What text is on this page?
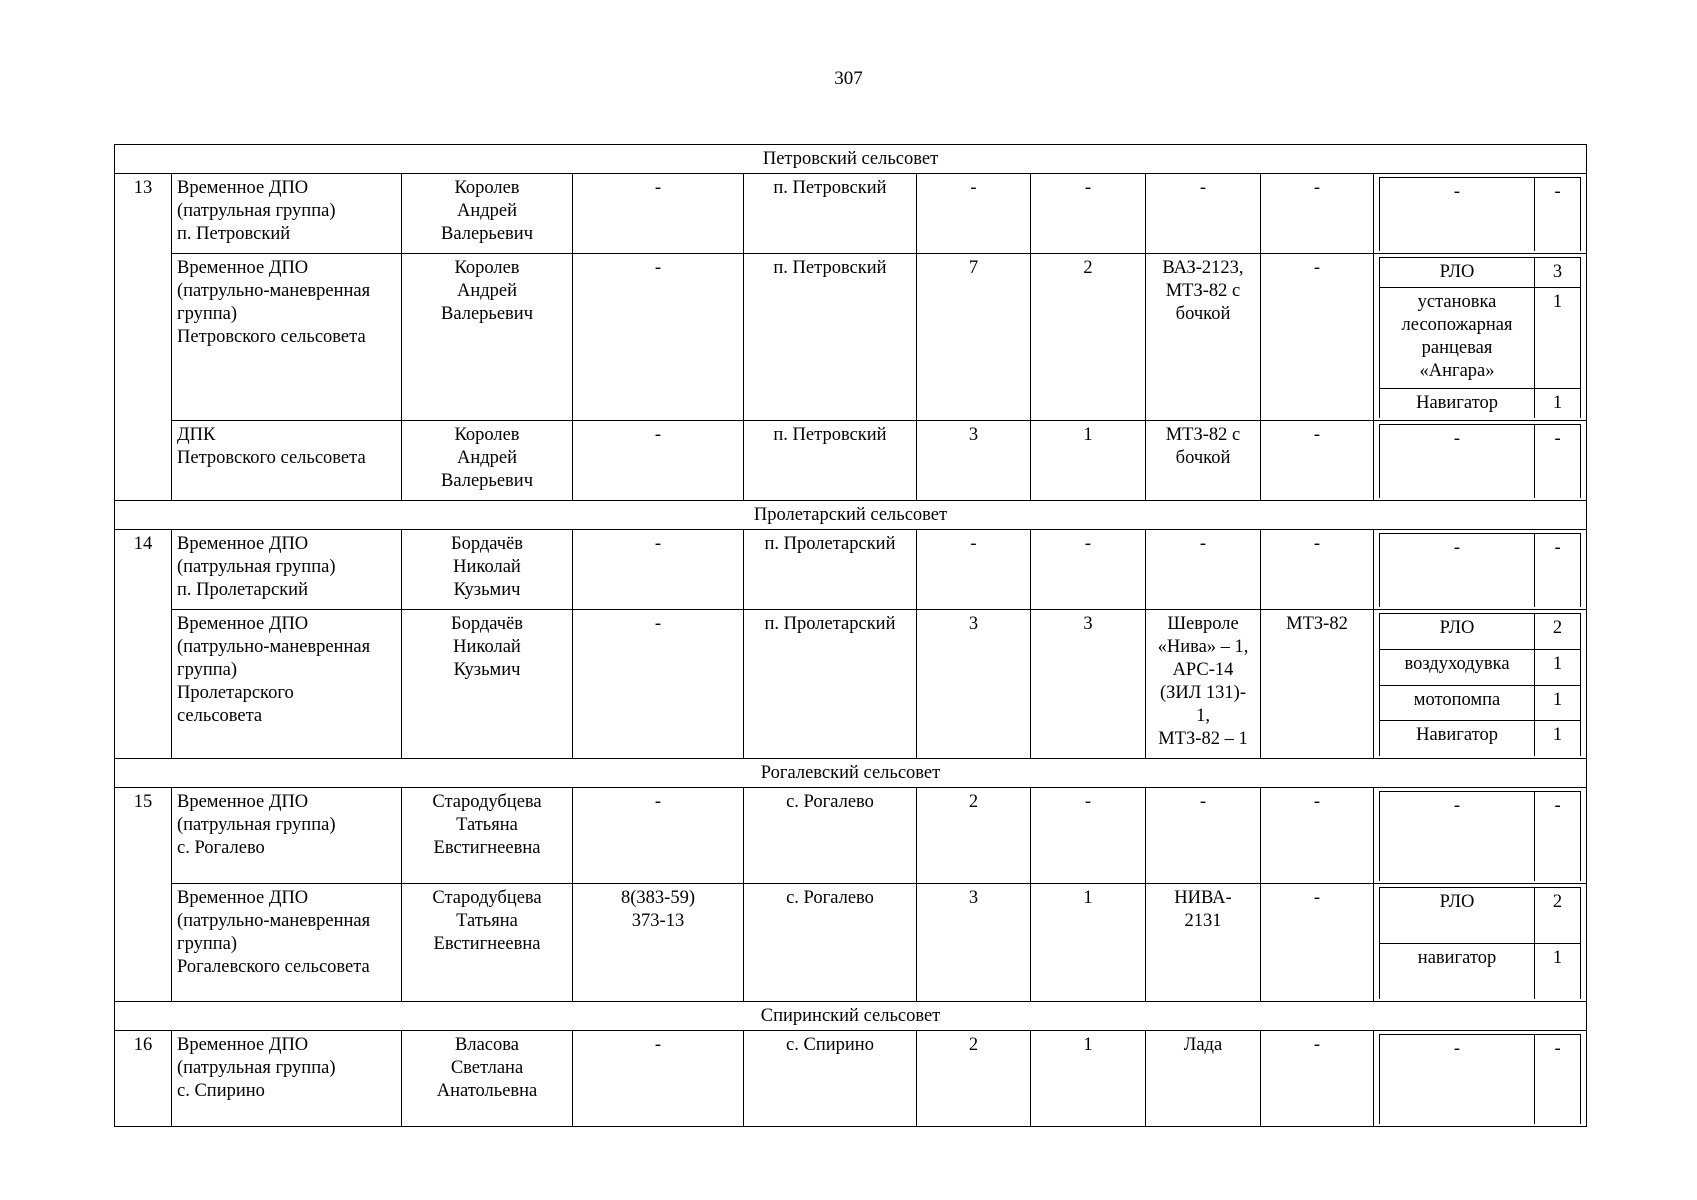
307
Петровский сельсовет
13	Временное ДПО
(патрульная группа)
п. Петровский	Королев
Андрей
Валерьевич	-	п. Петровский	-	-	-	-		-	-

Временное ДПО
(патрульно-маневренная
группа)
Петровского сельсовета	Королев
Андрей
Валерьевич	-	п. Петровский	7	2	ВАЗ-2123,
МТЗ-82 с
бочкой	-		РЛО	3
установка
лесопожарная
ранцевая
«Ангара»	1
Навигатор	1

ДПК
Петровского сельсовета	Королев
Андрей
Валерьевич	-	п. Петровский	3	1	МТЗ-82 с
бочкой	-		-	-

Пролетарский сельсовет
14	Временное ДПО
(патрульная группа)
п. Пролетарский	Бордачёв
Николай
Кузьмич	-	п. Пролетарский	-	-	-	-		-	-

Временное ДПО
(патрульно-маневренная
группа)
Пролетарского
сельсовета	Бордачёв
Николай
Кузьмич	-	п. Пролетарский	3	3	Шевроле
«Нива» – 1,
АРС-14
(ЗИЛ 131)-
1,
МТЗ-82 – 1	МТЗ-82		РЛО	2
воздуходувка	1
мотопомпа	1
Навигатор	1

Рогалевский сельсовет
15	Временное ДПО
(патрульная группа)
с. Рогалево	Стародубцева
Татьяна
Евстигнеевна	-	с. Рогалево	2	-	-	-		-	-

Временное ДПО
(патрульно-маневренная
группа)
Рогалевского сельсовета	Стародубцева
Татьяна
Евстигнеевна	8(383-59)
373-13	с. Рогалево	3	1	НИВА-
2131	-		РЛО	2
навигатор	1

Спиринский сельсовет
16	Временное ДПО
(патрульная группа)
с. Спирино	Власова
Светлана
Анатольевна	-	с. Спирино	2	1	Лада	-		-	-
